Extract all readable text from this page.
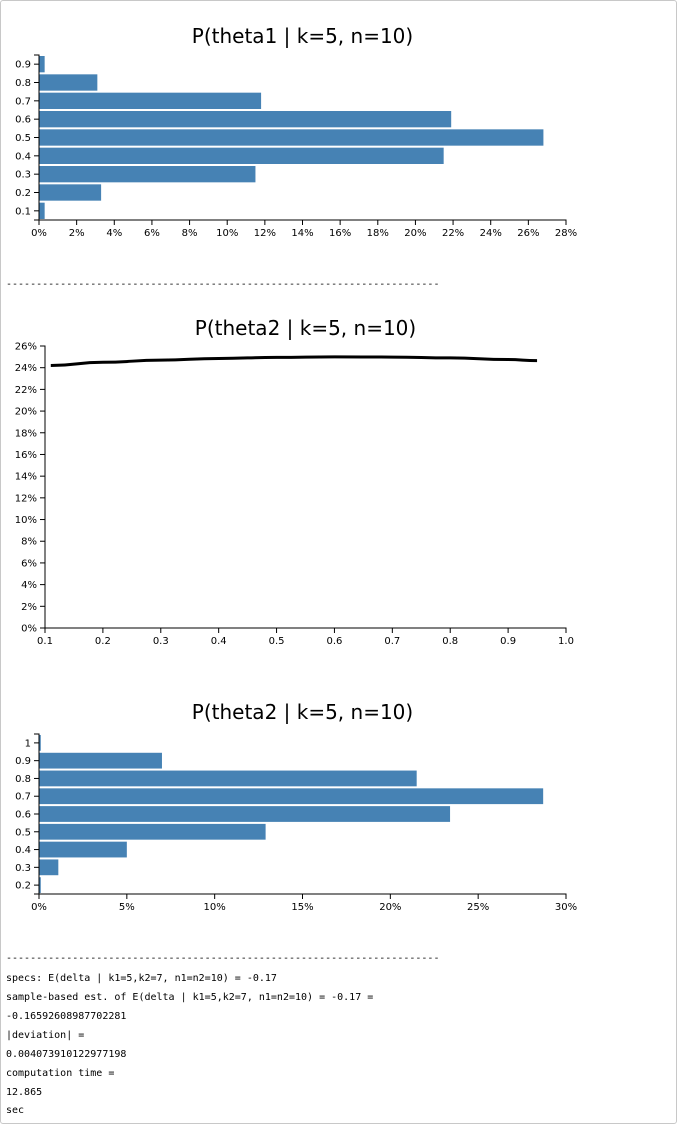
P(theta1 | k=5, n=10)
0.1
0.2
0.3
0.4
0.5
0.6
0.7
0.8
0.9
0% 2% 4% 6% 8% 10% 12% 14% 16% 18% 20% 22% 24% 26% 28%
------------------------------------------------------------------------
P(theta2 | k=5, n=10)
0%
2%
4%
6%
8%
10%
12%
14%
16%
18%
20%
22%
24%
26%
0.1	0.2	0.3	0.4	0.5	0.6	0.7	0.8	0.9	1.0
P(theta2 | k=5, n=10)
0.2
0.3
0.4
0.5
0.6
0.7
0.8
0.9
1
0%	5%	10%	15%	20%	25%	30%
------------------------------------------------------------------------
specs: E(delta | k1=5,k2=7, n1=n2=10) = -0.17
sample-based est. of E(delta | k1=5,k2=7, n1=n2=10) = -0.17 =
-0.16592608987702281
|deviation| =
0.004073910122977198
computation time =
12.865
sec
